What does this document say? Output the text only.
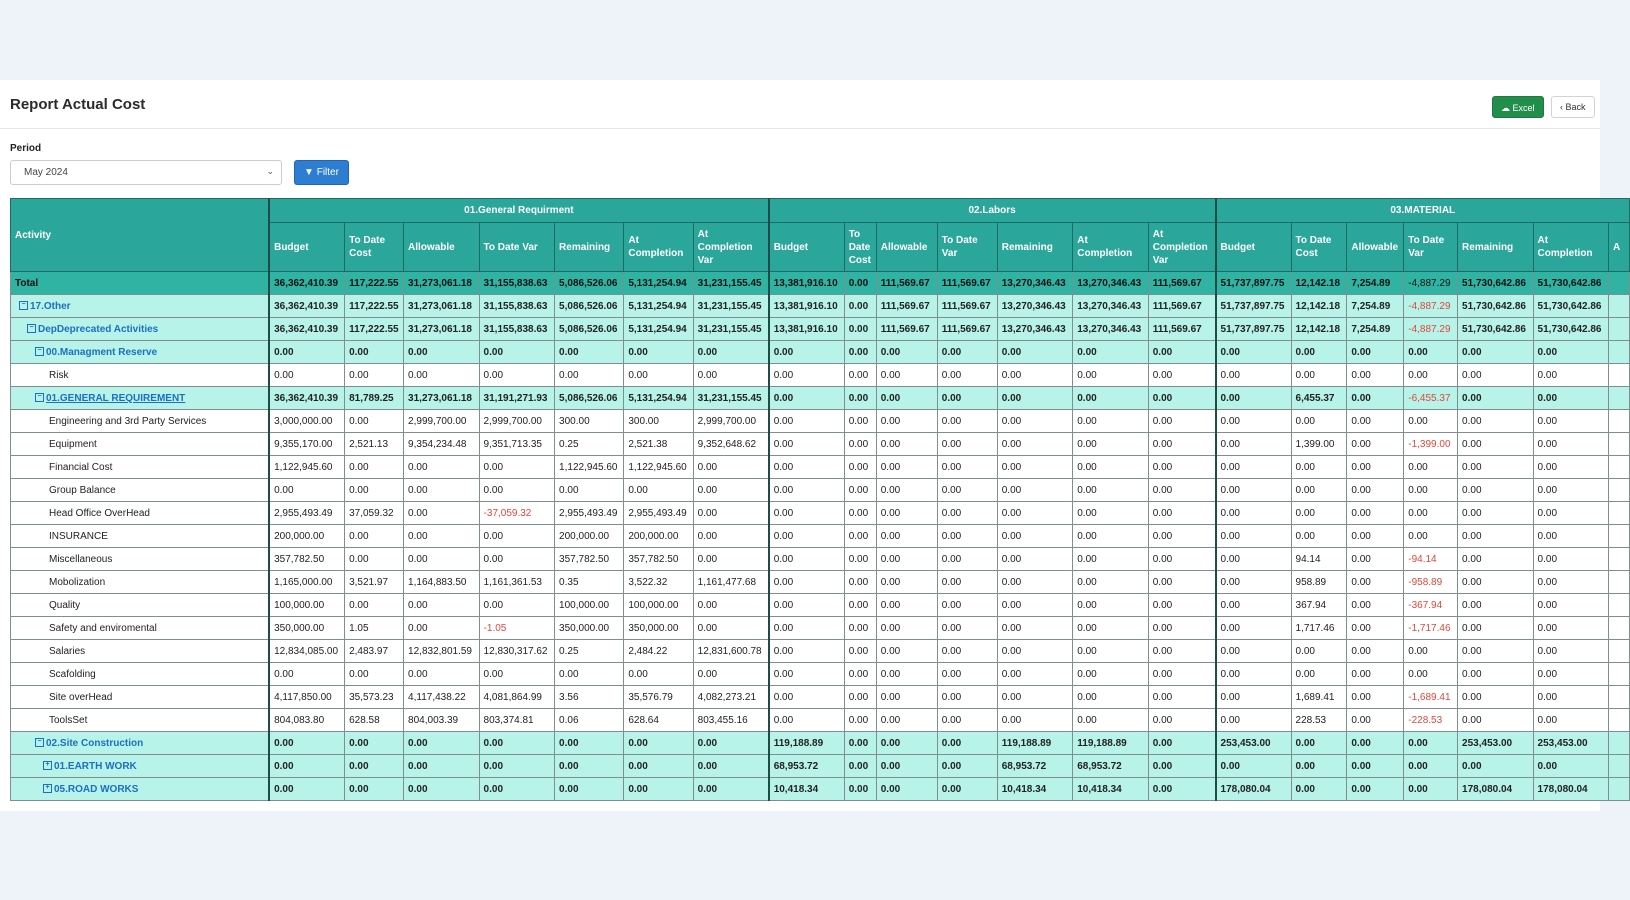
Report Actual Cost	☁ Excel	‹ Back
Period
May 2024	⌄	▼ Filter
Activity	01.General Requirment							02.Labors							03.MATERIAL						
	Budget	To Date Cost	Allowable	To Date Var	Remaining	At Completion	At Completion Var	Budget	To Date Cost	Allowable	To Date Var	Remaining	At Completion	At Completion Var	Budget	To Date Cost	Allowable	To Date Var	Remaining	At Completion	A
Total	36,362,410.39	117,222.55	31,273,061.18	31,155,838.63	5,086,526.06	5,131,254.94	31,231,155.45	13,381,916.10	0.00	111,569.67	111,569.67	13,270,346.43	13,270,346.43	111,569.67	51,737,897.75	12,142.18	7,254.89	-4,887.29	51,730,642.86	51,730,642.86	
− 17.Other	36,362,410.39	117,222.55	31,273,061.18	31,155,838.63	5,086,526.06	5,131,254.94	31,231,155.45	13,381,916.10	0.00	111,569.67	111,569.67	13,270,346.43	13,270,346.43	111,569.67	51,737,897.75	12,142.18	7,254.89	-4,887.29	51,730,642.86	51,730,642.86	
− DepDeprecated Activities	36,362,410.39	117,222.55	31,273,061.18	31,155,838.63	5,086,526.06	5,131,254.94	31,231,155.45	13,381,916.10	0.00	111,569.67	111,569.67	13,270,346.43	13,270,346.43	111,569.67	51,737,897.75	12,142.18	7,254.89	-4,887.29	51,730,642.86	51,730,642.86	
− 00.Managment Reserve	0.00	0.00	0.00	0.00	0.00	0.00	0.00	0.00	0.00	0.00	0.00	0.00	0.00	0.00	0.00	0.00	0.00	0.00	0.00	0.00	
Risk	0.00	0.00	0.00	0.00	0.00	0.00	0.00	0.00	0.00	0.00	0.00	0.00	0.00	0.00	0.00	0.00	0.00	0.00	0.00	0.00	
− 01.GENERAL REQUIREMENT	36,362,410.39	81,789.25	31,273,061.18	31,191,271.93	5,086,526.06	5,131,254.94	31,231,155.45	0.00	0.00	0.00	0.00	0.00	0.00	0.00	0.00	6,455.37	0.00	-6,455.37	0.00	0.00	
Engineering and 3rd Party Services	3,000,000.00	0.00	2,999,700.00	2,999,700.00	300.00	300.00	2,999,700.00	0.00	0.00	0.00	0.00	0.00	0.00	0.00	0.00	0.00	0.00	0.00	0.00	0.00	
Equipment	9,355,170.00	2,521.13	9,354,234.48	9,351,713.35	0.25	2,521.38	9,352,648.62	0.00	0.00	0.00	0.00	0.00	0.00	0.00	0.00	1,399.00	0.00	-1,399.00	0.00	0.00	
Financial Cost	1,122,945.60	0.00	0.00	0.00	1,122,945.60	1,122,945.60	0.00	0.00	0.00	0.00	0.00	0.00	0.00	0.00	0.00	0.00	0.00	0.00	0.00	0.00	
Group Balance	0.00	0.00	0.00	0.00	0.00	0.00	0.00	0.00	0.00	0.00	0.00	0.00	0.00	0.00	0.00	0.00	0.00	0.00	0.00	0.00	
Head Office OverHead	2,955,493.49	37,059.32	0.00	-37,059.32	2,955,493.49	2,955,493.49	0.00	0.00	0.00	0.00	0.00	0.00	0.00	0.00	0.00	0.00	0.00	0.00	0.00	0.00	
INSURANCE	200,000.00	0.00	0.00	0.00	200,000.00	200,000.00	0.00	0.00	0.00	0.00	0.00	0.00	0.00	0.00	0.00	0.00	0.00	0.00	0.00	0.00	
Miscellaneous	357,782.50	0.00	0.00	0.00	357,782.50	357,782.50	0.00	0.00	0.00	0.00	0.00	0.00	0.00	0.00	0.00	94.14	0.00	-94.14	0.00	0.00	
Mobolization	1,165,000.00	3,521.97	1,164,883.50	1,161,361.53	0.35	3,522.32	1,161,477.68	0.00	0.00	0.00	0.00	0.00	0.00	0.00	0.00	958.89	0.00	-958.89	0.00	0.00	
Quality	100,000.00	0.00	0.00	0.00	100,000.00	100,000.00	0.00	0.00	0.00	0.00	0.00	0.00	0.00	0.00	0.00	367.94	0.00	-367.94	0.00	0.00	
Safety and enviromental	350,000.00	1.05	0.00	-1.05	350,000.00	350,000.00	0.00	0.00	0.00	0.00	0.00	0.00	0.00	0.00	0.00	1,717.46	0.00	-1,717.46	0.00	0.00	
Salaries	12,834,085.00	2,483.97	12,832,801.59	12,830,317.62	0.25	2,484.22	12,831,600.78	0.00	0.00	0.00	0.00	0.00	0.00	0.00	0.00	0.00	0.00	0.00	0.00	0.00	
Scafolding	0.00	0.00	0.00	0.00	0.00	0.00	0.00	0.00	0.00	0.00	0.00	0.00	0.00	0.00	0.00	0.00	0.00	0.00	0.00	0.00	
Site overHead	4,117,850.00	35,573.23	4,117,438.22	4,081,864.99	3.56	35,576.79	4,082,273.21	0.00	0.00	0.00	0.00	0.00	0.00	0.00	0.00	1,689.41	0.00	-1,689.41	0.00	0.00	
ToolsSet	804,083.80	628.58	804,003.39	803,374.81	0.06	628.64	803,455.16	0.00	0.00	0.00	0.00	0.00	0.00	0.00	0.00	228.53	0.00	-228.53	0.00	0.00	
− 02.Site Construction	0.00	0.00	0.00	0.00	0.00	0.00	0.00	119,188.89	0.00	0.00	0.00	119,188.89	119,188.89	0.00	253,453.00	0.00	0.00	0.00	253,453.00	253,453.00	
+ 01.EARTH WORK	0.00	0.00	0.00	0.00	0.00	0.00	0.00	68,953.72	0.00	0.00	0.00	68,953.72	68,953.72	0.00	0.00	0.00	0.00	0.00	0.00	0.00	
+ 05.ROAD WORKS	0.00	0.00	0.00	0.00	0.00	0.00	0.00	10,418.34	0.00	0.00	0.00	10,418.34	10,418.34	0.00	178,080.04	0.00	0.00	0.00	178,080.04	178,080.04	
